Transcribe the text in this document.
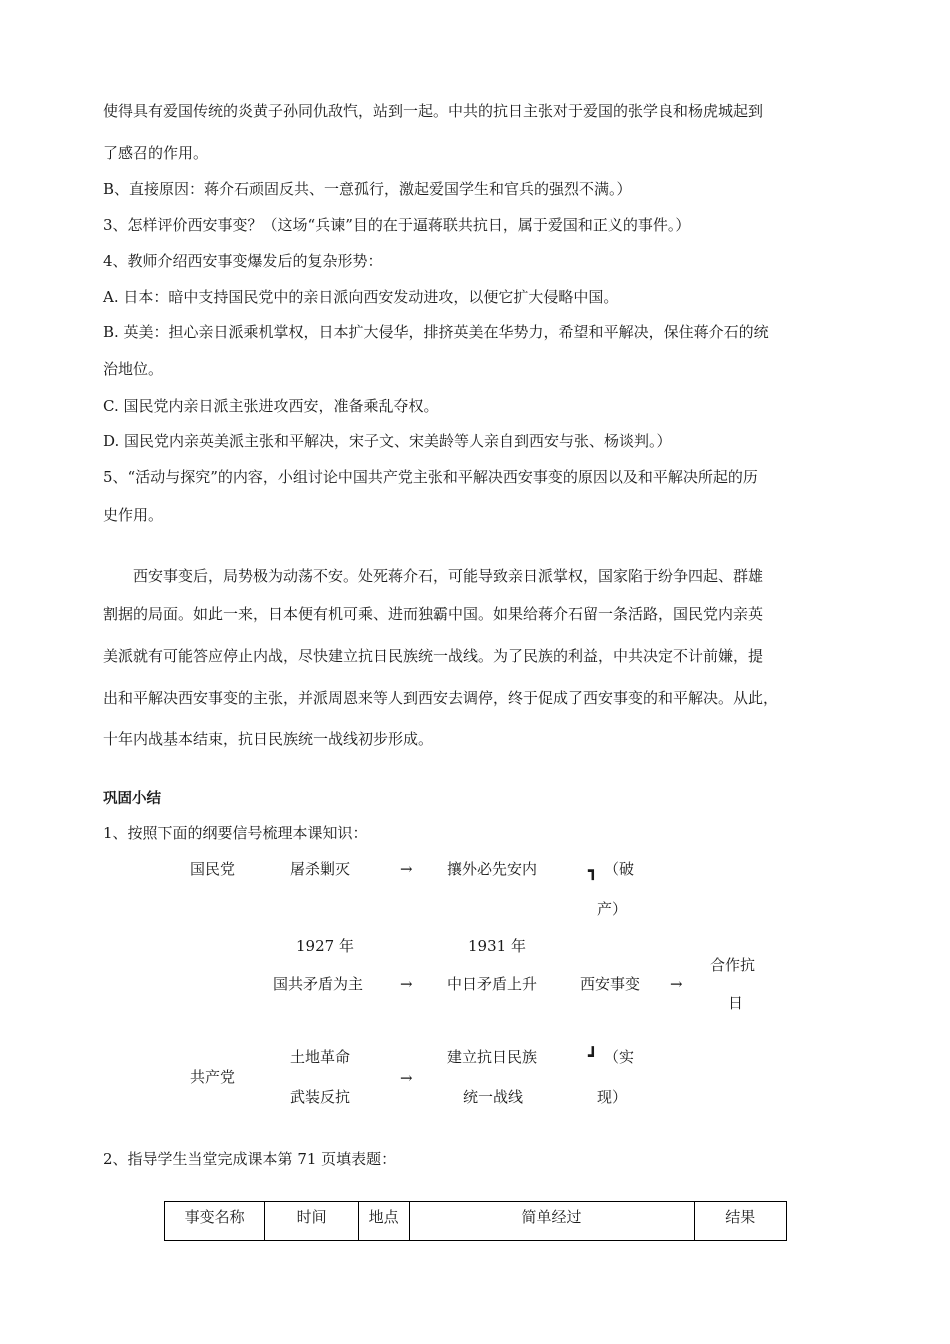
使得具有爱国传统的炎黄子孙同仇敌忾，站到一起。中共的抗日主张对于爱国的张学良和杨虎城起到
了感召的作用。
B、直接原因：蒋介石顽固反共、一意孤行，激起爱国学生和官兵的强烈不满。）
3、怎样评价西安事变？（这场“兵谏”目的在于逼蒋联共抗日，属于爱国和正义的事件。）
4、教师介绍西安事变爆发后的复杂形势：
A. 日本：暗中支持国民党中的亲日派向西安发动进攻，以便它扩大侵略中国。
B. 英美：担心亲日派乘机掌权，日本扩大侵华，排挤英美在华势力，希望和平解决，保住蒋介石的统
治地位。
C. 国民党内亲日派主张进攻西安，准备乘乱夺权。
D. 国民党内亲英美派主张和平解决，宋子文、宋美龄等人亲自到西安与张、杨谈判。）
5、“活动与探究”的内容，小组讨论中国共产党主张和平解决西安事变的原因以及和平解决所起的历
史作用。
西安事变后，局势极为动荡不安。处死蒋介石，可能导致亲日派掌权，国家陷于纷争四起、群雄
割据的局面。如此一来，日本便有机可乘、进而独霸中国。如果给蒋介石留一条活路，国民党内亲英
美派就有可能答应停止内战，尽快建立抗日民族统一战线。为了民族的利益，中共决定不计前嫌，提
出和平解决西安事变的主张，并派周恩来等人到西安去调停，终于促成了西安事变的和平解决。从此，
十年内战基本结束，抗日民族统一战线初步形成。
巩固小结
1、按照下面的纲要信号梳理本课知识：
国民党	屠杀剿灭	→ 攘外必先安内	┓ （破
产）
1927 年	1931 年
合作抗
国共矛盾为主 → 中日矛盾上升	西安事变 →
日
土地革命	建立抗日民族	┛ （实
共产党	→
武装反抗	统一战线	现）
2、指导学生当堂完成课本第 71 页填表题：
事变名称	时间	地点	简单经过	结果
